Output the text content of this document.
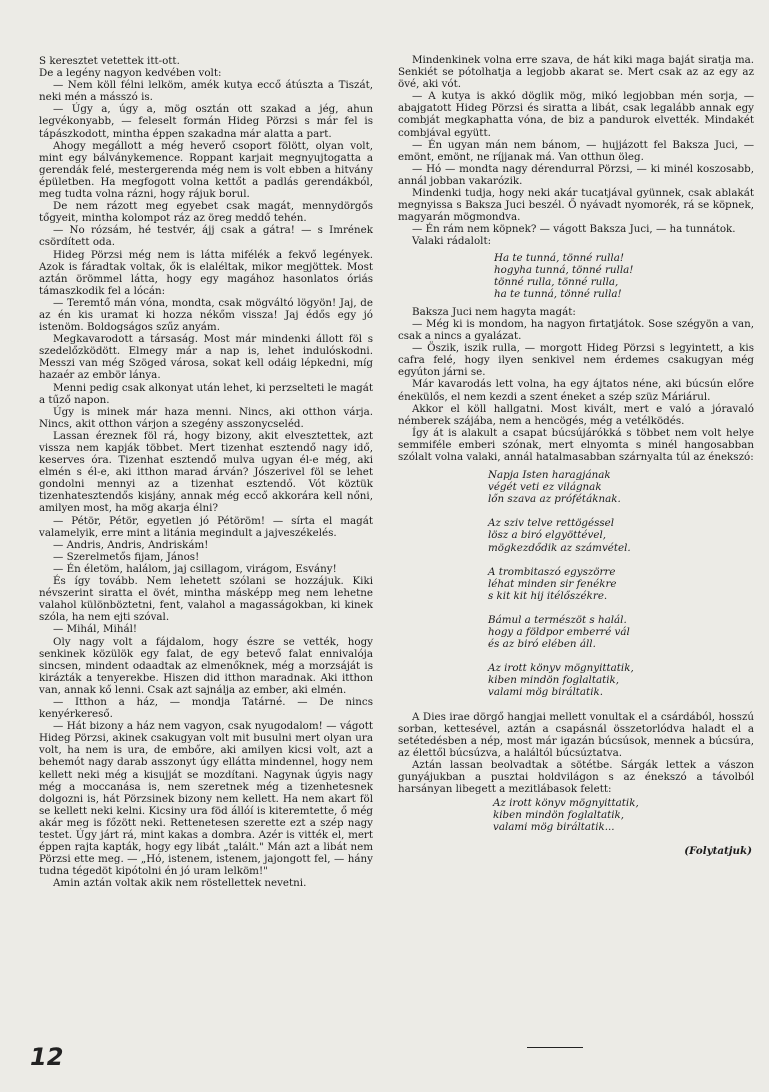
S keresztet vetettek itt-ott.

De a legény nagyon kedvében volt:

— Nem köll félni lelköm, amék kutya eccő átúszta a Tiszát, neki mén a másszó is.

— Úgy a, úgy a, mög osztán ott szakad a jég, ahun legvékonyabb, — feleselt formán Hideg Pörzsi s már fel is tápászkodott, mintha éppen szakadna már alatta a part.

Ahogy megállott a még heverő csoport fölött, olyan volt, mint egy bálványkemence. Roppant karjait megnyujtogatta a gerendák felé, mestergerenda még nem is volt ebben a hitvány épületben. Ha megfogott volna kettőt a padlás gerendákból, meg tudta volna rázni, hogy rájuk borul.

De nem rázott meg egyebet csak magát, mennydörgős tőgyeit, mintha kolompot ráz az öreg meddő tehén.

— No rózsám, hé testvér, ájj csak a gátra! — s Imrének csördített oda.

Hideg Pörzsi még nem is látta mifélék a fekvő legények. Azok is fáradtak voltak, ők is elaléltak, mikor megjöttek. Most aztán örömmel látta, hogy egy magához hasonlatos óriás támaszkodik fel a lócán:

— Teremtő mán vóna, mondta, csak mögváltó lögyön! Jaj, de az én kis uramat ki hozza nékőm vissza! Jaj édős egy jó istenöm. Boldogságos szűz anyám.

Megkavarodott a társaság. Most már mindenki állott föl s szedelőzködött. Elmegy már a nap is, lehet indulóskodni. Messzi van még Szöged városa, sokat kell odáig lépkedni, míg hazaér az embör lánya.

Menni pedig csak alkonyat után lehet, ki perzselteti le magát a tűző napon.

Úgy is minek már haza menni. Nincs, aki otthon várja. Nincs, akit otthon várjon a szegény asszonycseléd.

Lassan éreznek föl rá, hogy bizony, akit elvesztettek, azt vissza nem kapják többet. Mert tizenhat esztendő nagy idő, keserves óra. Tizenhat esztendő mulva ugyan él-e még, aki elmén s él-e, aki itthon marad árván? Jószerivel föl se lehet gondolni mennyi az a tizenhat esztendő. Vót köztük tizenhatesztendős kisjány, annak még eccő akkorára kell nőni, amilyen most, ha mög akarja élni?

— Pétör, Pétör, egyetlen jó Pétöröm! — sírta el magát valamelyik, erre mint a litánia megindult a jajveszékelés.

— Andris, Andris, Andriskám!

— Szerelmetős fijam, János!

— Én életöm, halálom, jaj csillagom, virágom, Esvány!

És így tovább. Nem lehetett szólani se hozzájuk. Kiki névszerint siratta el övét, mintha másképp meg nem lehetne valahol különböztetni, fent, valahol a magasságokban, ki kinek szóla, ha nem ejti szóval.

— Mihál, Mihál!

Oly nagy volt a fájdalom, hogy észre se vették, hogy senkinek közülök egy falat, de egy betevő falat ennivalója sincsen, mindent odaadtak az elmenőknek, még a morzsáját is kirázták a tenyerekbe. Hiszen did itthon maradnak. Aki itthon van, annak kő lenni. Csak azt sajnálja az ember, aki elmén.

— Itthon a ház, — mondja Tatárné. — De nincs kenyérkereső.

— Hát bizony a ház nem vagyon, csak nyugodalom! — vágott Hideg Pörzsi, akinek csakugyan volt mit busulni mert olyan ura volt, ha nem is ura, de embőre, aki amilyen kicsi volt, azt a behemót nagy darab asszonyt úgy ellátta mindennel, hogy nem kellett neki még a kisujját se mozdítani. Nagynak úgyis nagy még a moccanása is, nem szeretnek még a tizenhetesnek dolgozni is, hát Pörzsinek bizony nem kellett. Ha nem akart föl se kellett neki kelni. Kicsiny ura föd állóí is kiteremtette, ő még akár meg is főzött neki. Rettenetesen szerette ezt a szép nagy testet. Úgy járt rá, mint kakas a dombra. Azér is vitték el, mert éppen rajta kapták, hogy egy libát „talált." Mán azt a libát nem Pörzsi ette meg. — „Hó, istenem, istenem, jajongott fel, — hány tudna tégedöt kipótolni én jó uram lelköm!"

Amin aztán voltak akik nem röstellettek nevetni.

Mindenkinek volna erre szava, de hát kiki maga baját siratja ma. Senkiét se pótolhatja a legjobb akarat se. Mert csak az az egy az övé, aki vót.

— A kutya is akkó döglik mög, mikó legjobban mén sorja, — abajgatott Hideg Pörzsi és siratta a libát, csak legalább annak egy combját megkaphatta vóna, de biz a pandurok elvették. Mindakét combjával együtt.

— Én ugyan mán nem bánom, — hujjázott fel Baksza Juci, — emönt, emönt, ne ríjjanak má. Van otthun öleg.

— Hó — mondta nagy dérendurral Pörzsi, — ki minél koszosabb, annál jobban vakarózik.

Mindenki tudja, hogy neki akár tucatjával gyünnek, csak ablakát megnyissa s Baksza Juci beszél. Ő nyávadt nyomorék, rá se köpnek, magyarán mögmondva.

— Én rám nem köpnek? — vágott Baksza Juci, — ha tunnátok.

Valaki rádalolt:

Ha te tunná, tönné rulla!
hogyha tunná, tönné rulla!
tönné rulla, tönné rulla,
ha te tunná, tönné rulla!

Baksza Juci nem hagyta magát:

— Még ki is mondom, ha nagyon firtatjátok. Sose szégyön a van, csak a nincs a gyalázat.

— Öszik, iszik rulla, — morgott Hideg Pörzsi s legyintett, a kis cafra felé, hogy ilyen senkivel nem érdemes csakugyan még egyúton járni se.

Már kavarodás lett volna, ha egy ájtatos néne, aki búcsún előre énekülős, el nem kezdi a szent éneket a szép szüz Máriárul.

Akkor el köll hallgatni. Most kivált, mert e való a jóravaló némberek szájába, nem a hencögés, még a vetélködés.

Így át is alakult a csapat búcsújárókká s többet nem volt helye semmiféle emberi szónak, mert elnyomta s minél hangosabban szólalt volna valaki, annál hatalmasabban szárnyalta túl az énekszó:

Napja Isten haragjának
végét veti ez világnak
lőn szava az prófétáknak.
Az sziv telve rettögéssel
lösz a biró elgyöttével,
mögkezdődik az számvétel.
A trombitaszó egyszörre
léhat minden sir fenékre
s kit kit hij itélőszékre.
Bámul a természöt s halál.
hogy a földpor emberré vál
és az biró elében áll.
Az irott könyv mögnyittatik,
kiben mindön foglaltatik,
valami mög biráltatik.

A Dies irae dörgő hangjai mellett vonultak el a csárdából, hosszú sorban, kettesével, aztán a csapásnál összetorlódva haladt el a setétedésben a nép, most már igazán búcsúsok, mennek a búcsúra, az élettől búcsúzva, a haláltól búcsúztatva.

Aztán lassan beolvadtak a sötétbe. Sárgák lettek a vászon gunyájukban a pusztai holdvilágon s az énekszó a távolból harsányan libegett a mezitlábasok felett:

Az irott könyv mögnyittatik,
kiben mindön foglaltatik,
valami mög biráltatik...
(Folytatjuk)
12
